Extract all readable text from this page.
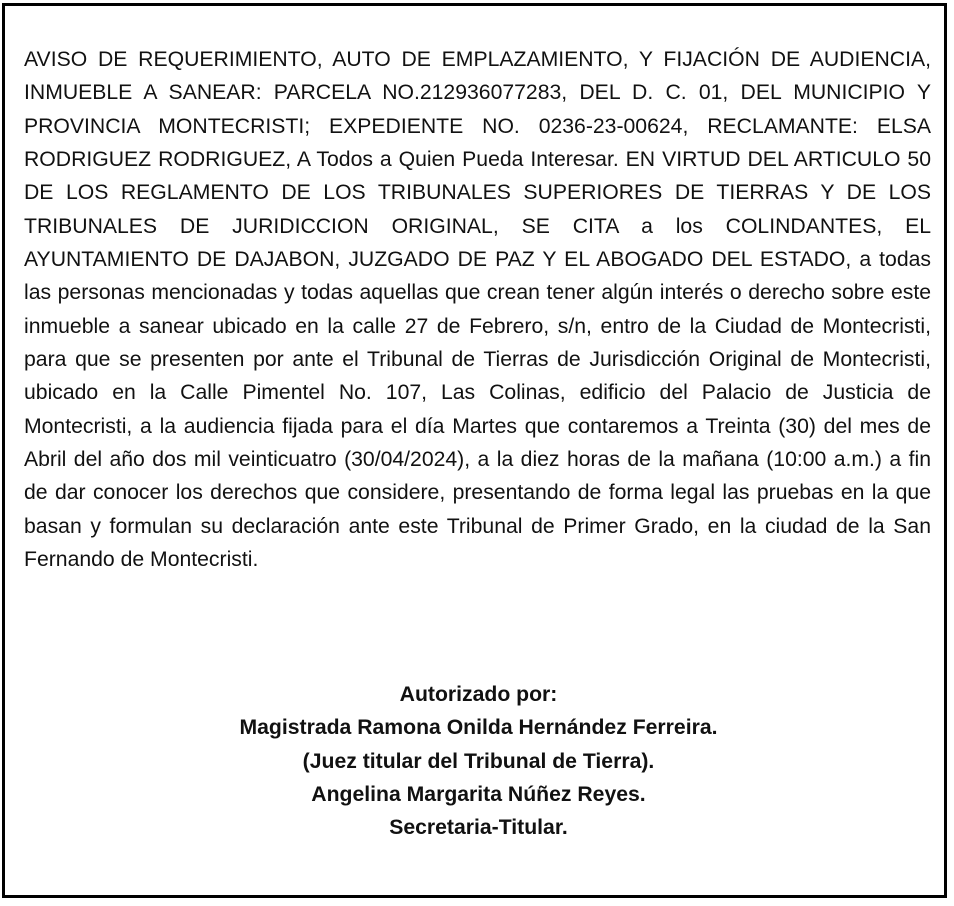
AVISO DE REQUERIMIENTO, AUTO DE EMPLAZAMIENTO, Y FIJACIÓN DE AUDIENCIA, INMUEBLE A SANEAR: PARCELA NO.212936077283, DEL D. C. 01, DEL MUNICIPIO Y PROVINCIA MONTECRISTI; EXPEDIENTE NO. 0236-23-00624, RECLAMANTE: ELSA RODRIGUEZ RODRIGUEZ, A Todos a Quien Pueda Interesar. EN VIRTUD DEL ARTICULO 50 DE LOS REGLAMENTO DE LOS TRIBUNALES SUPERIORES DE TIERRAS Y DE LOS TRIBUNALES DE JURIDICCION ORIGINAL, SE CITA a los COLINDANTES, EL AYUNTAMIENTO DE DAJABON, JUZGADO DE PAZ Y EL ABOGADO DEL ESTADO, a todas las personas mencionadas y todas aquellas que crean tener algún interés o derecho sobre este inmueble a sanear ubicado en la calle 27 de Febrero, s/n, entro de la Ciudad de Montecristi, para que se presenten por ante el Tribunal de Tierras de Jurisdicción Original de Montecristi, ubicado en la Calle Pimentel No. 107, Las Colinas, edificio del Palacio de Justicia de Montecristi, a la audiencia fijada para el día Martes que contaremos a Treinta (30) del mes de Abril del año dos mil veinticuatro (30/04/2024), a la diez horas de la mañana (10:00 a.m.) a fin de dar conocer los derechos que considere, presentando de forma legal las pruebas en la que basan y formulan su declaración ante este Tribunal de Primer Grado, en la ciudad de la San Fernando de Montecristi.

Autorizado por:
Magistrada Ramona Onilda Hernández Ferreira.
(Juez titular del Tribunal de Tierra).
Angelina Margarita Núñez Reyes.
Secretaria-Titular.
